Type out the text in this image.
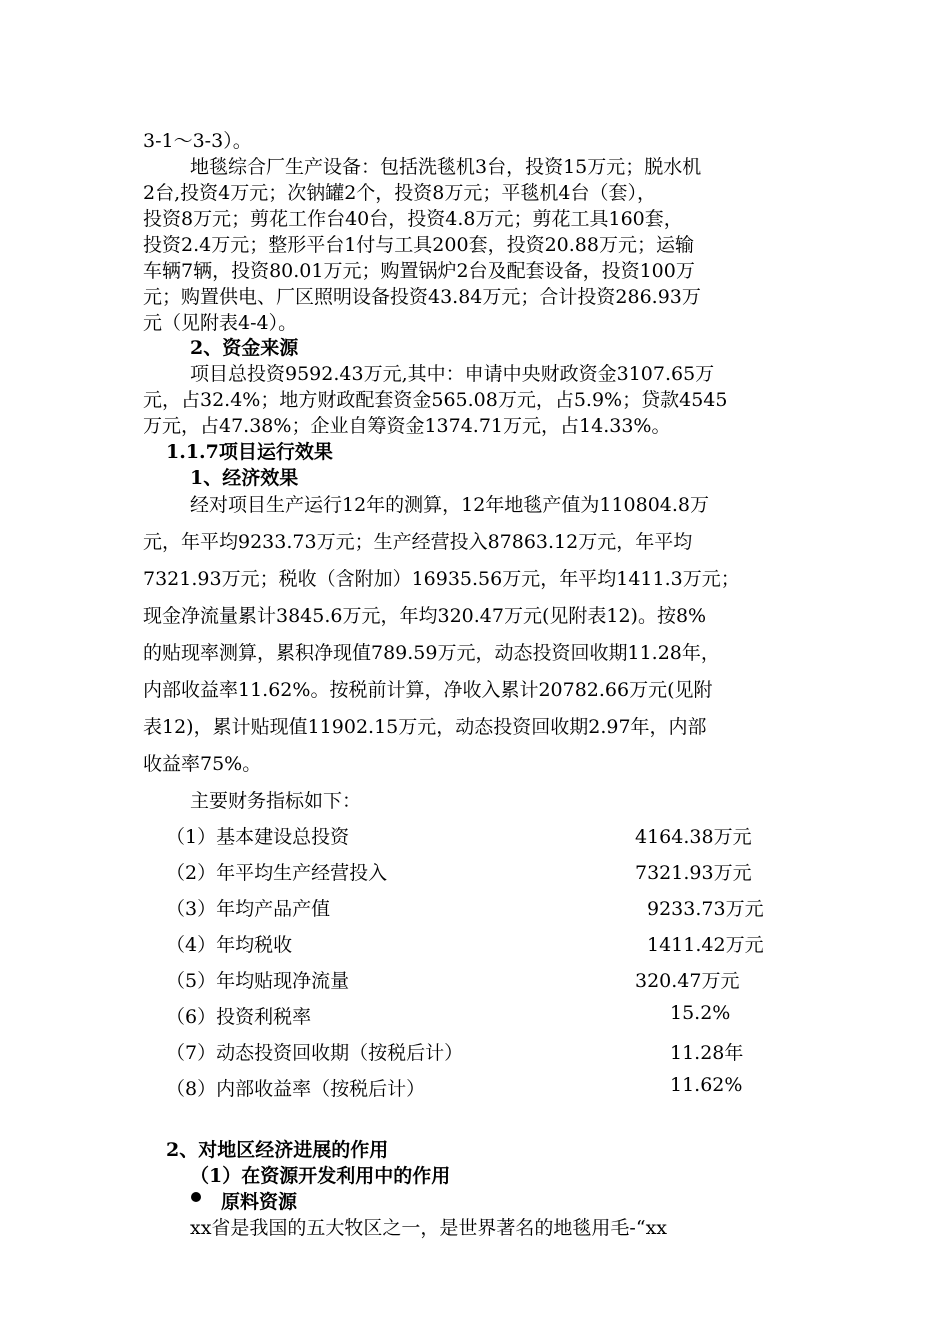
3-1～3-3）。

地毯综合厂生产设备：包括洗毯机3台，投资15万元；脱水机

2台,投资4万元；次钠罐2个，投资8万元；平毯机4台（套），

投资8万元；剪花工作台40台，投资4.8万元；剪花工具160套，

投资2.4万元；整形平台1付与工具200套，投资20.88万元；运输

车辆7辆，投资80.01万元；购置锅炉2台及配套设备，投资100万

元；购置供电、厂区照明设备投资43.84万元；合计投资286.93万

元（见附表4-4）。

2、资金来源

项目总投资9592.43万元,其中：申请中央财政资金3107.65万

元，占32.4%；地方财政配套资金565.08万元，占5.9%；贷款4545

万元，占47.38%；企业自筹资金1374.71万元，占14.33%。

1.1.7项目运行效果

1、经济效果

经对项目生产运行12年的测算，12年地毯产值为110804.8万

元，年平均9233.73万元；生产经营投入87863.12万元，年平均

7321.93万元；税收（含附加）16935.56万元，年平均1411.3万元；

现金净流量累计3845.6万元，年均320.47万元(见附表12)。按8%

的贴现率测算，累积净现值789.59万元，动态投资回收期11.28年，

内部收益率11.62%。按税前计算，净收入累计20782.66万元(见附

表12)，累计贴现值11902.15万元，动态投资回收期2.97年，内部

收益率75%。

主要财务指标如下：

（1）基本建设总投资	4164.38万元
（2）年平均生产经营投入	7321.93万元
（3）年均产品产值	9233.73万元
（4）年均税收	1411.42万元
（5）年均贴现净流量	320.47万元
（6）投资利税率	15.2%
（7）动态投资回收期（按税后计）	11.28年
（8）内部收益率（按税后计）	11.62%

2、对地区经济进展的作用

（1）在资源开发利用中的作用

原料资源

xx省是我国的五大牧区之一，是世界著名的地毯用毛-“xx
